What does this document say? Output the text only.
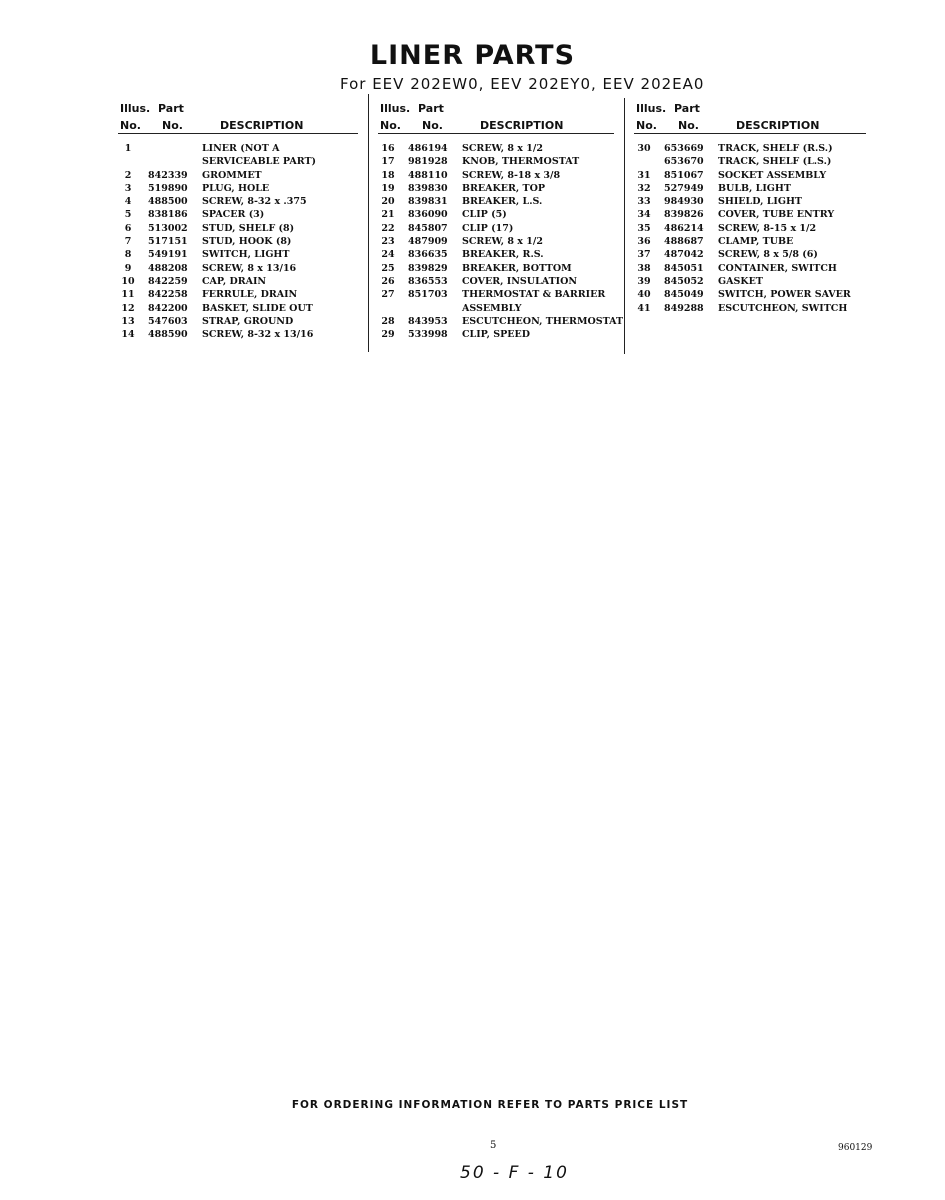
LINER PARTS
For EEV 202EW0, EEV 202EY0, EEV 202EA0
Illus. Part
No. No.	DESCRIPTION
1	LINER (NOT A
SERVICEABLE PART)
2	842339 GROMMET
3	519890 PLUG, HOLE
4	488500 SCREW, 8-32 x .375
5	838186 SPACER (3)
6	513002 STUD, SHELF (8)
7	517151 STUD, HOOK (8)
8	549191 SWITCH, LIGHT
9	488208 SCREW, 8 x 13/16
10	842259 CAP, DRAIN
11	842258 FERRULE, DRAIN
12	842200 BASKET, SLIDE OUT
13	547603 STRAP, GROUND
14	488590 SCREW, 8-32 x 13/16
Illus. Part
No. No.	DESCRIPTION
16	486194 SCREW, 8 x 1/2
17	981928 KNOB, THERMOSTAT
18	488110 SCREW, 8-18 x 3/8
19	839830 BREAKER, TOP
20	839831 BREAKER, L.S.
21	836090 CLIP (5)
22	845807 CLIP (17)
23	487909 SCREW, 8 x 1/2
24	836635 BREAKER, R.S.
25	839829 BREAKER, BOTTOM
26	836553 COVER, INSULATION
27	851703 THERMOSTAT & BARRIER
ASSEMBLY
28	843953 ESCUTCHEON, THERMOSTAT
29	533998 CLIP, SPEED
Illus. Part
No. No.	DESCRIPTION
30	653669 TRACK, SHELF (R.S.)
653670 TRACK, SHELF (L.S.)
31	851067 SOCKET ASSEMBLY
32	527949 BULB, LIGHT
33	984930 SHIELD, LIGHT
34	839826 COVER, TUBE ENTRY
35	486214 SCREW, 8-15 x 1/2
36	488687 CLAMP, TUBE
37	487042 SCREW, 8 x 5/8 (6)
38	845051 CONTAINER, SWITCH
39	845052 GASKET
40	845049 SWITCH, POWER SAVER
41	849288 ESCUTCHEON, SWITCH
FOR ORDERING INFORMATION REFER TO PARTS PRICE LIST
5	960129
50 - F - 10
